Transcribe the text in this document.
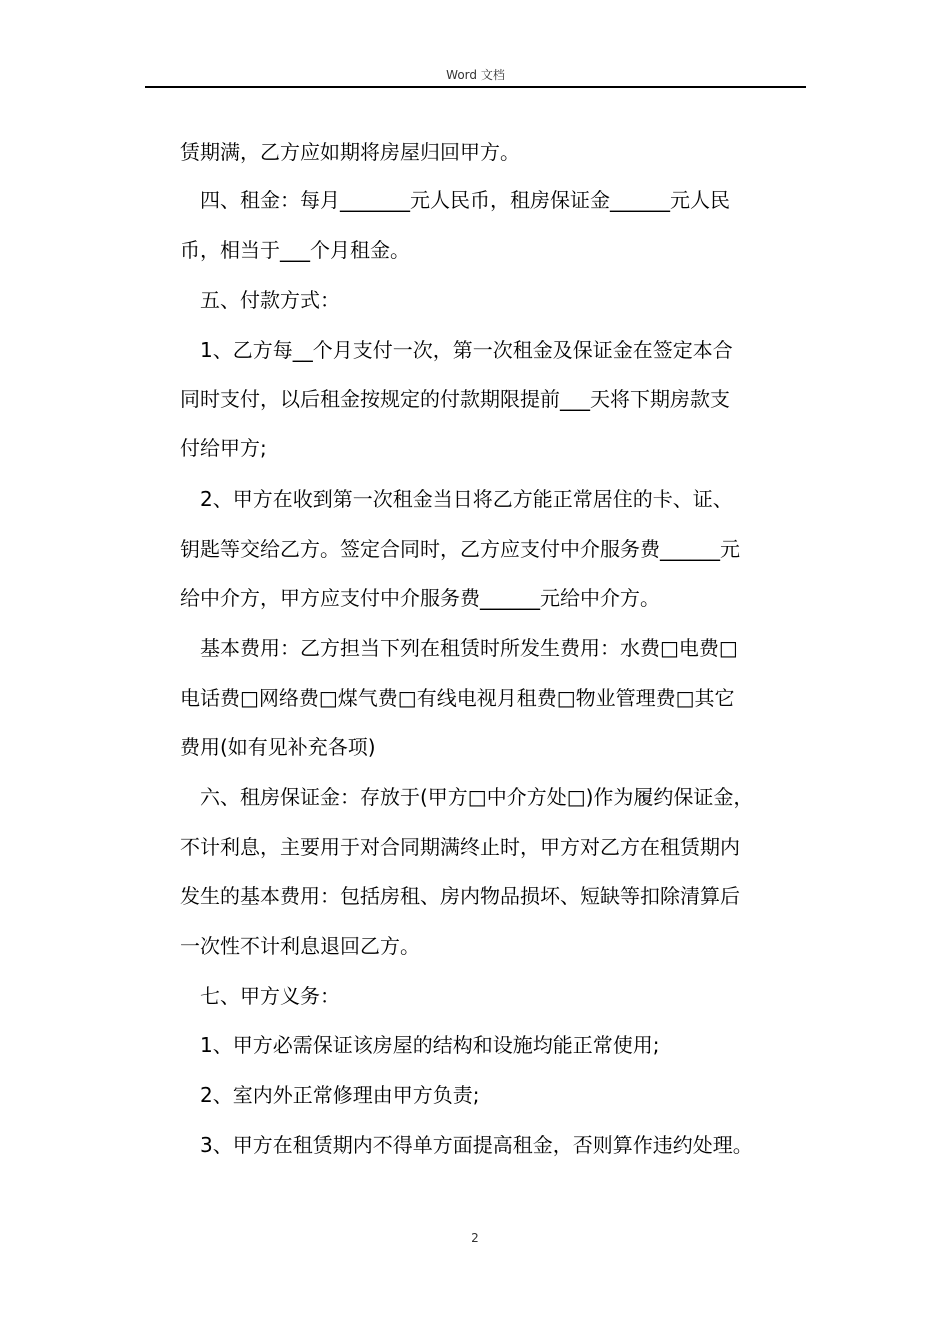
Word 文档
赁期满，乙方应如期将房屋归回甲方。
四、租金：每月_______元人民币，租房保证金______元人民
币，相当于___个月租金。
五、付款方式：
1、乙方每__个月支付一次，第一次租金及保证金在签定本合
同时支付，以后租金按规定的付款期限提前___天将下期房款支
付给甲方;
2、甲方在收到第一次租金当日将乙方能正常居住的卡、证、
钥匙等交给乙方。签定合同时，乙方应支付中介服务费______元
给中介方，甲方应支付中介服务费______元给中介方。
基本费用：乙方担当下列在租赁时所发生费用：水费□电费□
电话费□网络费□煤气费□有线电视月租费□物业管理费□其它
费用(如有见补充各项)
六、租房保证金：存放于(甲方□中介方处□)作为履约保证金，
不计利息，主要用于对合同期满终止时，甲方对乙方在租赁期内
发生的基本费用：包括房租、房内物品损坏、短缺等扣除清算后
一次性不计利息退回乙方。
七、甲方义务：
1、甲方必需保证该房屋的结构和设施均能正常使用;
2、室内外正常修理由甲方负责;
3、甲方在租赁期内不得单方面提高租金，否则算作违约处理。
2
